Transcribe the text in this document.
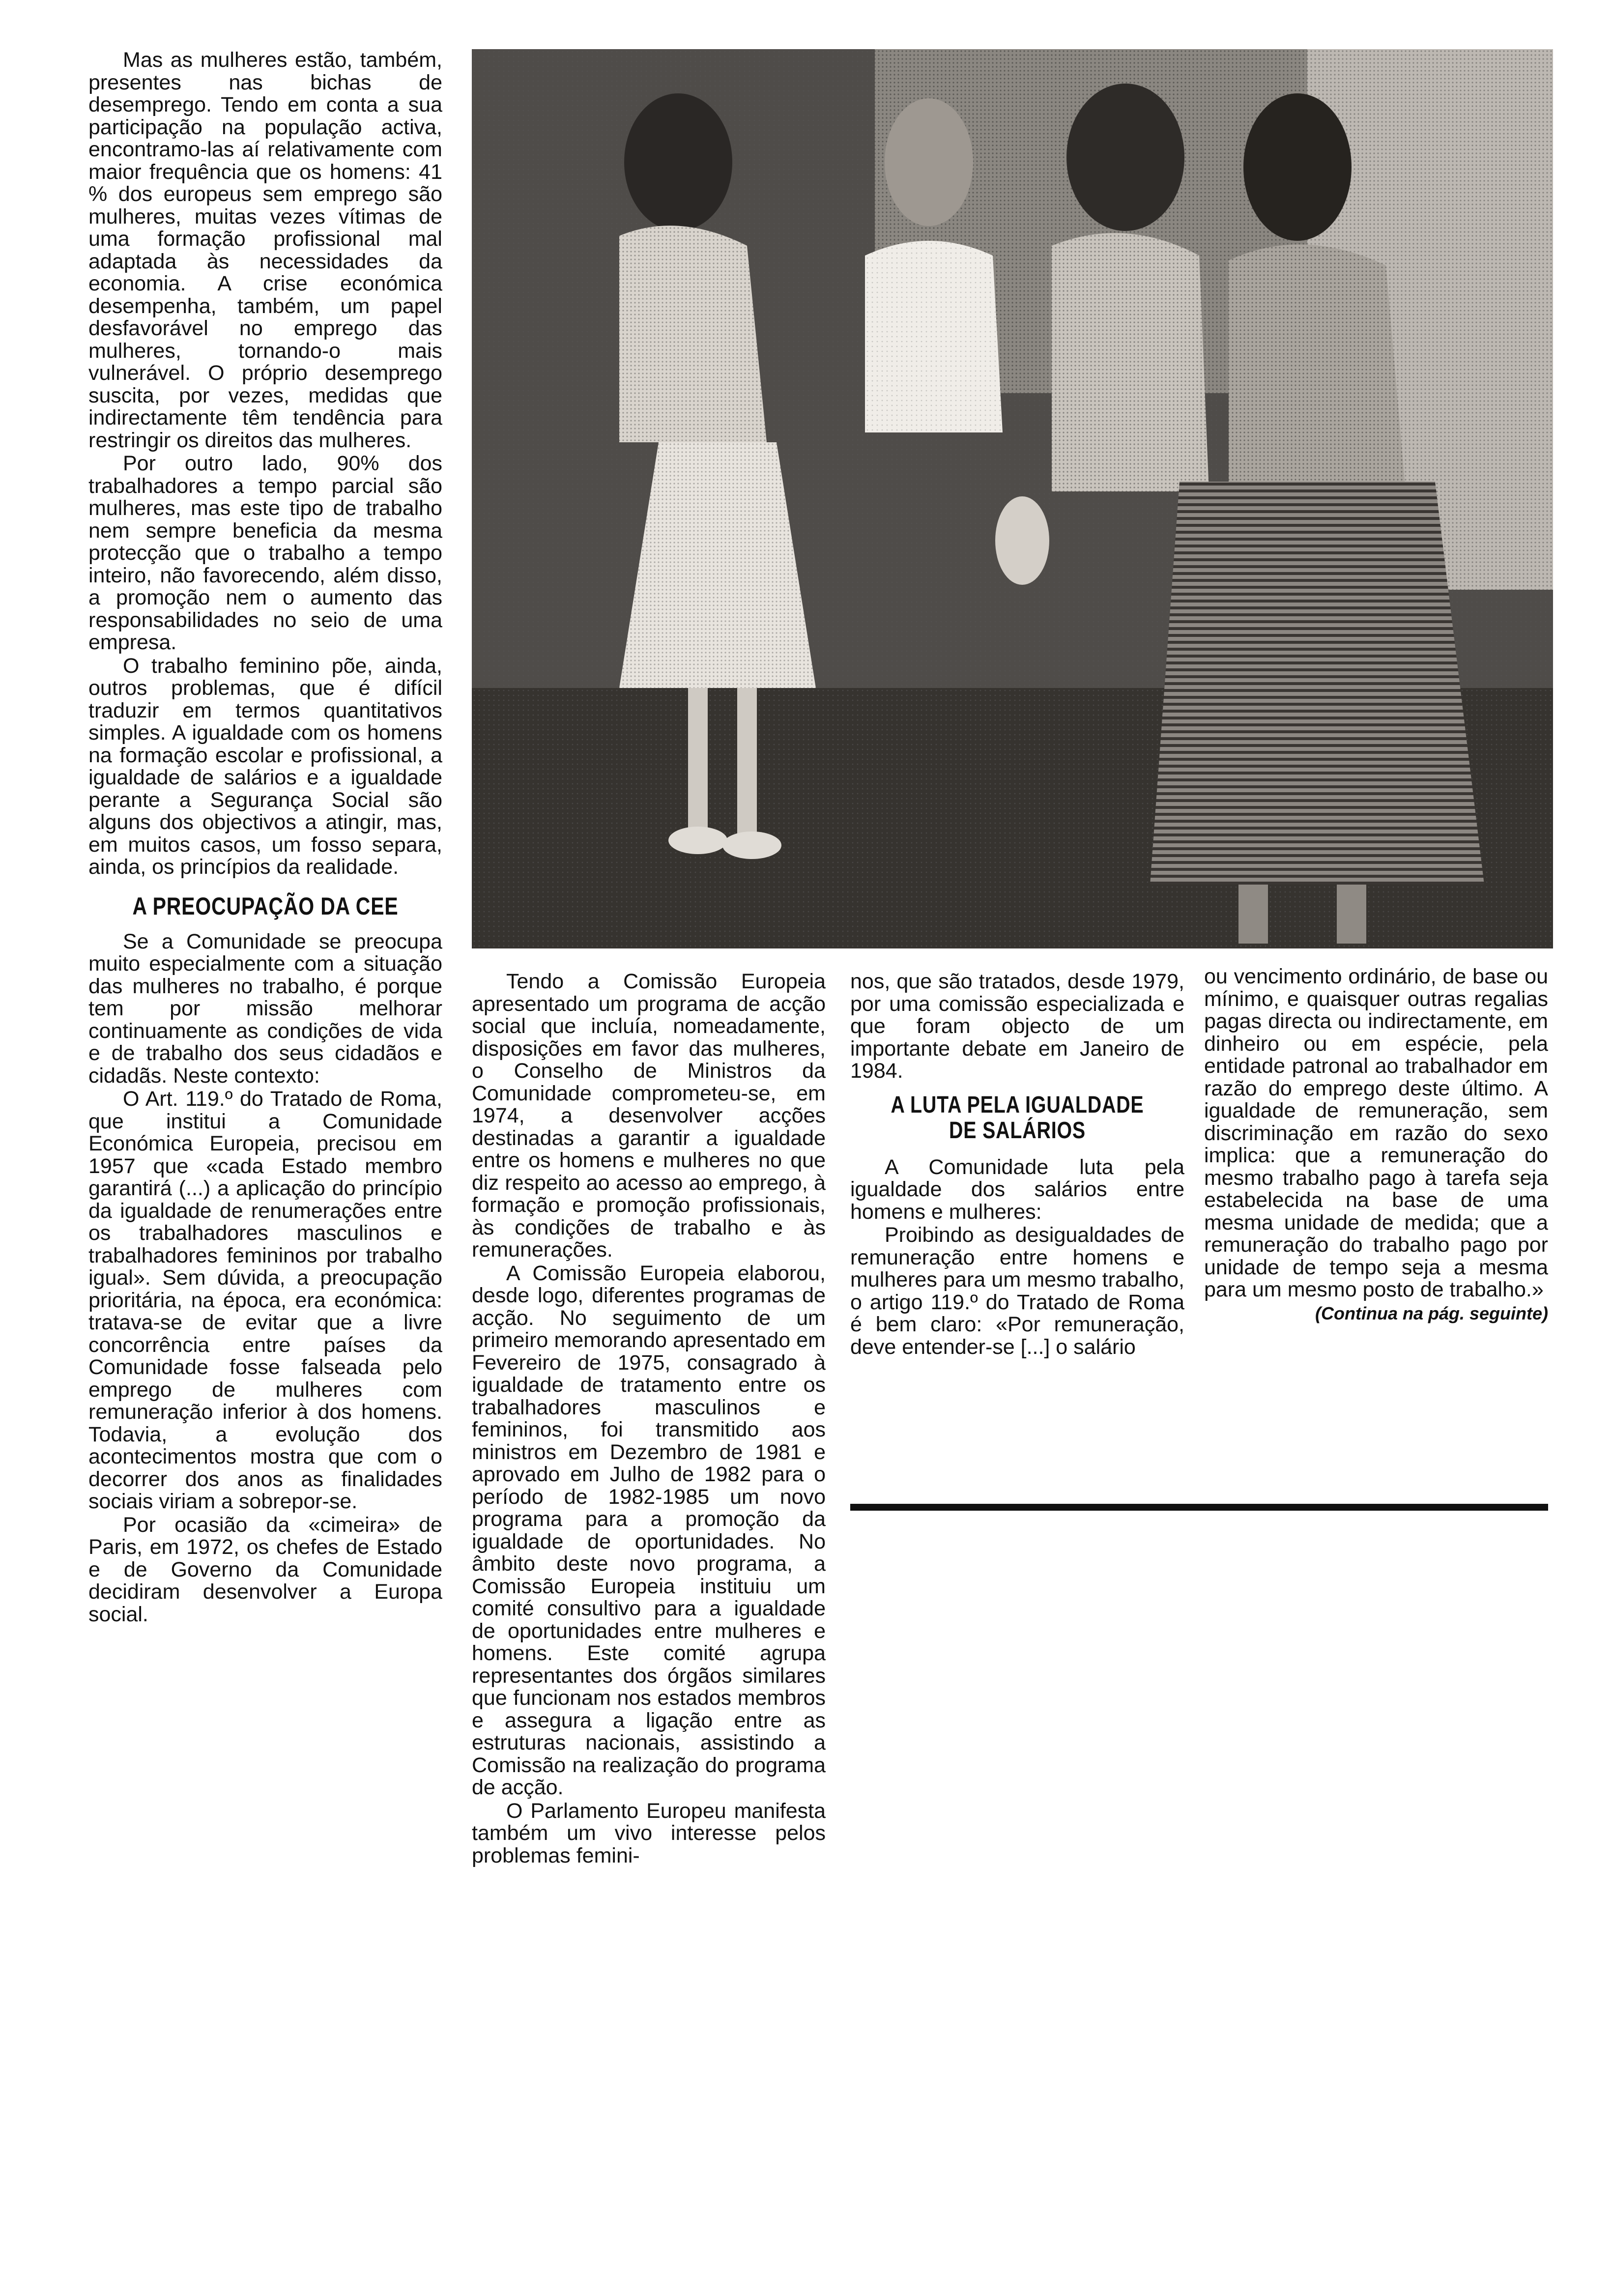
Mas as mulheres estão, também, presentes nas bichas de desemprego. Tendo em conta a sua participação na população activa, encontramo-las aí relativamente com maior frequência que os homens: 41 % dos europeus sem emprego são mulheres, muitas vezes vítimas de uma formação profissional mal adaptada às necessidades da economia. A crise económica desempenha, também, um papel desfavorável no emprego das mulheres, tornando-o mais vulnerável. O próprio desemprego suscita, por vezes, medidas que indirectamente têm tendência para restringir os direitos das mulheres.

Por outro lado, 90% dos trabalhadores a tempo parcial são mulheres, mas este tipo de trabalho nem sempre beneficia da mesma protecção que o trabalho a tempo inteiro, não favorecendo, além disso, a promoção nem o aumento das responsabilidades no seio de uma empresa.

O trabalho feminino põe, ainda, outros problemas, que é difícil traduzir em termos quantitativos simples. A igualdade com os homens na formação escolar e profissional, a igualdade de salários e a igualdade perante a Segurança Social são alguns dos objectivos a atingir, mas, em muitos casos, um fosso separa, ainda, os princípios da realidade.

A PREOCUPAÇÃO DA CEE

Se a Comunidade se preocupa muito especialmente com a situação das mulheres no trabalho, é porque tem por missão melhorar continuamente as condições de vida e de trabalho dos seus cidadãos e cidadãs. Neste contexto:

O Art. 119.º do Tratado de Roma, que institui a Comunidade Económica Europeia, precisou em 1957 que «cada Estado membro garantirá (...) a aplicação do princípio da igualdade de renumerações entre os trabalhadores masculinos e trabalhadores femininos por trabalho igual». Sem dúvida, a preocupação prioritária, na época, era económica: tratava-se de evitar que a livre concorrência entre países da Comunidade fosse falseada pelo emprego de mulheres com remuneração inferior à dos homens. Todavia, a evolução dos acontecimentos mostra que com o decorrer dos anos as finalidades sociais viriam a sobrepor-se.

Por ocasião da «cimeira» de Paris, em 1972, os chefes de Estado e de Governo da Comunidade decidiram desenvolver a Europa social.

Tendo a Comissão Europeia apresentado um programa de acção social que incluía, nomeadamente, disposições em favor das mulheres, o Conselho de Ministros da Comunidade comprometeu-se, em 1974, a desenvolver acções destinadas a garantir a igualdade entre os homens e mulheres no que diz respeito ao acesso ao emprego, à formação e promoção profissionais, às condições de trabalho e às remunerações.

A Comissão Europeia elaborou, desde logo, diferentes programas de acção. No seguimento de um primeiro memorando apresentado em Fevereiro de 1975, consagrado à igualdade de tratamento entre os trabalhadores masculinos e femininos, foi transmitido aos ministros em Dezembro de 1981 e aprovado em Julho de 1982 para o período de 1982-1985 um novo programa para a promoção da igualdade de oportunidades. No âmbito deste novo programa, a Comissão Europeia instituiu um comité consultivo para a igualdade de oportunidades entre mulheres e homens. Este comité agrupa representantes dos órgãos similares que funcionam nos estados membros e assegura a ligação entre as estruturas nacionais, assistindo a Comissão na realização do programa de acção.

O Parlamento Europeu manifesta também um vivo interesse pelos problemas femini-

nos, que são tratados, desde 1979, por uma comissão especializada e que foram objecto de um importante debate em Janeiro de 1984.

A LUTA PELA IGUALDADE DE SALÁRIOS

A Comunidade luta pela igualdade dos salários entre homens e mulheres:

Proibindo as desigualdades de remuneração entre homens e mulheres para um mesmo trabalho, o artigo 119.º do Tratado de Roma é bem claro: «Por remuneração, deve entender-se [...] o salário

ou vencimento ordinário, de base ou mínimo, e quaisquer outras regalias pagas directa ou indirectamente, em dinheiro ou em espécie, pela entidade patronal ao trabalhador em razão do emprego deste último. A igualdade de remuneração, sem discriminação em razão do sexo implica: que a remuneração do mesmo trabalho pago à tarefa seja estabelecida na base de uma mesma unidade de medida; que a remuneração do trabalho pago por unidade de tempo seja a mesma para um mesmo posto de trabalho.»

(Continua na pág. seguinte)
